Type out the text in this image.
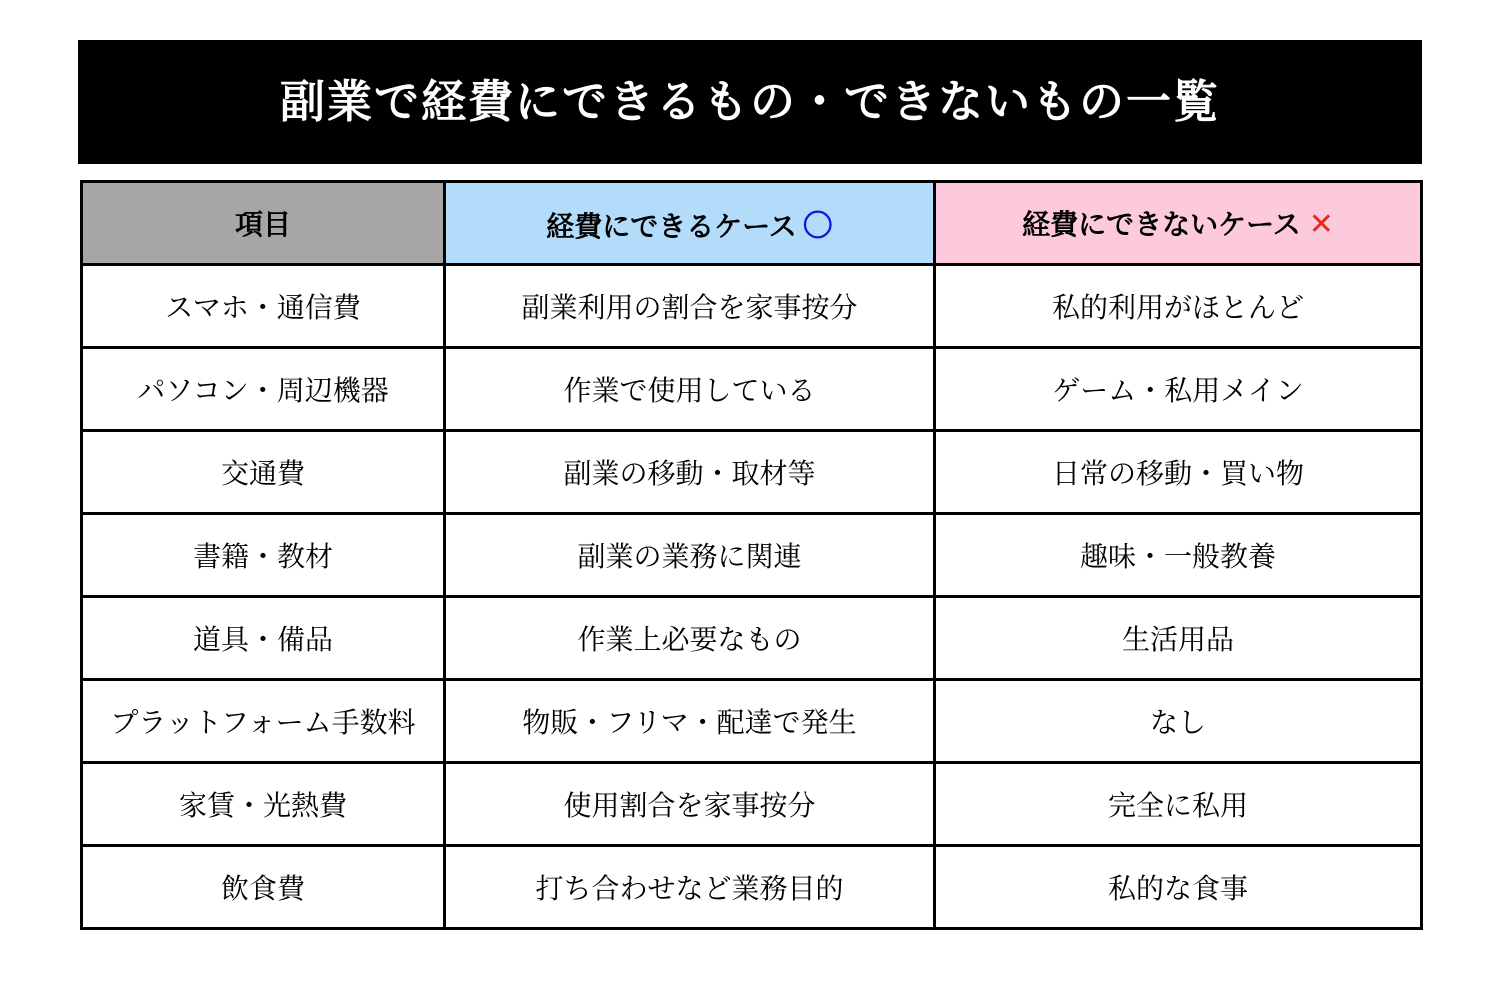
副業で経費にできるもの・できないもの一覧
項目	経費にできるケース 〇	経費にできないケース ✕
スマホ・通信費	副業利用の割合を家事按分	私的利用がほとんど
パソコン・周辺機器	作業で使用している	ゲーム・私用メイン
交通費	副業の移動・取材等	日常の移動・買い物
書籍・教材	副業の業務に関連	趣味・一般教養
道具・備品	作業上必要なもの	生活用品
プラットフォーム手数料	物販・フリマ・配達で発生	なし
家賃・光熱費	使用割合を家事按分	完全に私用
飲食費	打ち合わせなど業務目的	私的な食事
